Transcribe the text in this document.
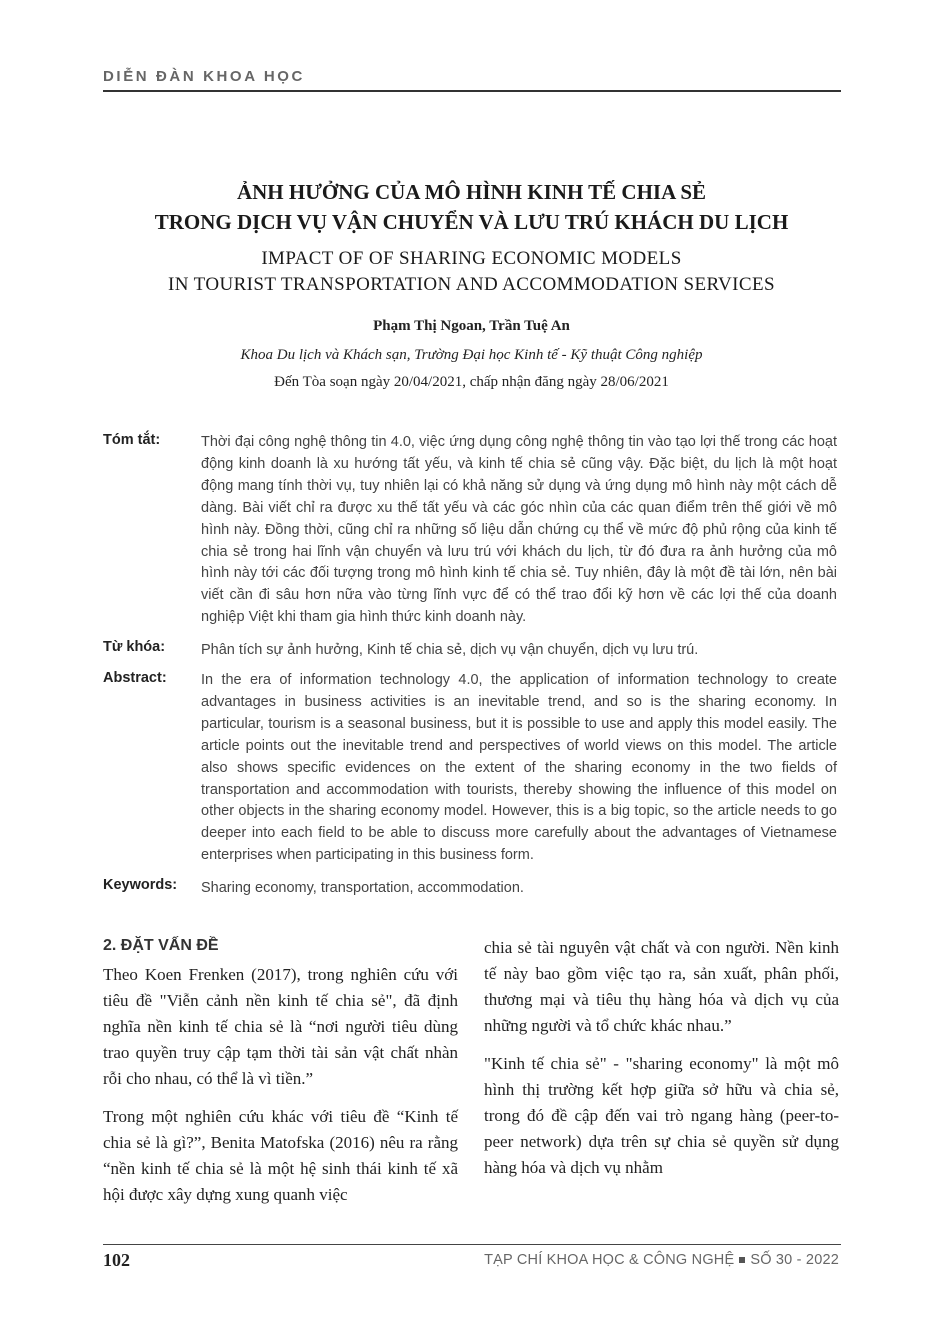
DIỄN ĐÀN KHOA HỌC
ẢNH HƯỞNG CỦA MÔ HÌNH KINH TẾ CHIA SẺ
TRONG DỊCH VỤ VẬN CHUYỂN VÀ LƯU TRÚ KHÁCH DU LỊCH
IMPACT OF OF SHARING ECONOMIC MODELS
IN TOURIST TRANSPORTATION AND ACCOMMODATION SERVICES
Phạm Thị Ngoan, Trần Tuệ An
Khoa Du lịch và Khách sạn, Trường Đại học Kinh tế - Kỹ thuật Công nghiệp
Đến Tòa soạn ngày 20/04/2021, chấp nhận đăng ngày 28/06/2021
Tóm tắt:	Thời đại công nghệ thông tin 4.0, việc ứng dụng công nghệ thông tin vào tạo lợi thế trong các hoạt động kinh doanh là xu hướng tất yếu, và kinh tế chia sẻ cũng vậy. Đặc biệt, du lịch là một hoạt động mang tính thời vụ, tuy nhiên lại có khả năng sử dụng và ứng dụng mô hình này một cách dễ dàng. Bài viết chỉ ra được xu thế tất yếu và các góc nhìn của các quan điểm trên thế giới về mô hình này. Đồng thời, cũng chỉ ra những số liệu dẫn chứng cụ thể về mức độ phủ rộng của kinh tế chia sẻ trong hai lĩnh vận chuyển và lưu trú với khách du lịch, từ đó đưa ra ảnh hưởng của mô hình này tới các đối tượng trong mô hình kinh tế chia sẻ. Tuy nhiên, đây là một đề tài lớn, nên bài viết cần đi sâu hơn nữa vào từng lĩnh vực để có thể trao đổi kỹ hơn về các lợi thế của doanh nghiệp Việt khi tham gia hình thức kinh doanh này.
Từ khóa: Phân tích sự ảnh hưởng, Kinh tế chia sẻ, dịch vụ vận chuyển, dịch vụ lưu trú.
Abstract: In the era of information technology 4.0, the application of information technology to create advantages in business activities is an inevitable trend, and so is the sharing economy. In particular, tourism is a seasonal business, but it is possible to use and apply this model easily. The article points out the inevitable trend and perspectives of world views on this model. The article also shows specific evidences on the extent of the sharing economy in the two fields of transportation and accommodation with tourists, thereby showing the influence of this model on other objects in the sharing economy model. However, this is a big topic, so the article needs to go deeper into each field to be able to discuss more carefully about the advantages of Vietnamese enterprises when participating in this business form.
Keywords: Sharing economy, transportation, accommodation.
2. ĐẶT VẤN ĐỀ

Theo Koen Frenken (2017), trong nghiên cứu với tiêu đề "Viễn cảnh nền kinh tế chia sẻ", đã định nghĩa nền kinh tế chia sẻ là “nơi người tiêu dùng trao quyền truy cập tạm thời tài sản vật chất nhàn rỗi cho nhau, có thể là vì tiền.”

Trong một nghiên cứu khác với tiêu đề “Kinh tế chia sẻ là gì?”, Benita Matofska (2016) nêu ra rằng “nền kinh tế chia sẻ là một hệ sinh thái kinh tế xã hội được xây dựng xung quanh việc

chia sẻ tài nguyên vật chất và con người. Nền kinh tế này bao gồm việc tạo ra, sản xuất, phân phối, thương mại và tiêu thụ hàng hóa và dịch vụ của những người và tổ chức khác nhau.”

"Kinh tế chia sẻ" - "sharing economy" là một mô hình thị trường kết hợp giữa sở hữu và chia sẻ, trong đó đề cập đến vai trò ngang hàng (peer-to-peer network) dựa trên sự chia sẻ quyền sử dụng hàng hóa và dịch vụ nhằm

102	TẠP CHÍ KHOA HỌC & CÔNG NGHỆ SỐ 30 - 2022
